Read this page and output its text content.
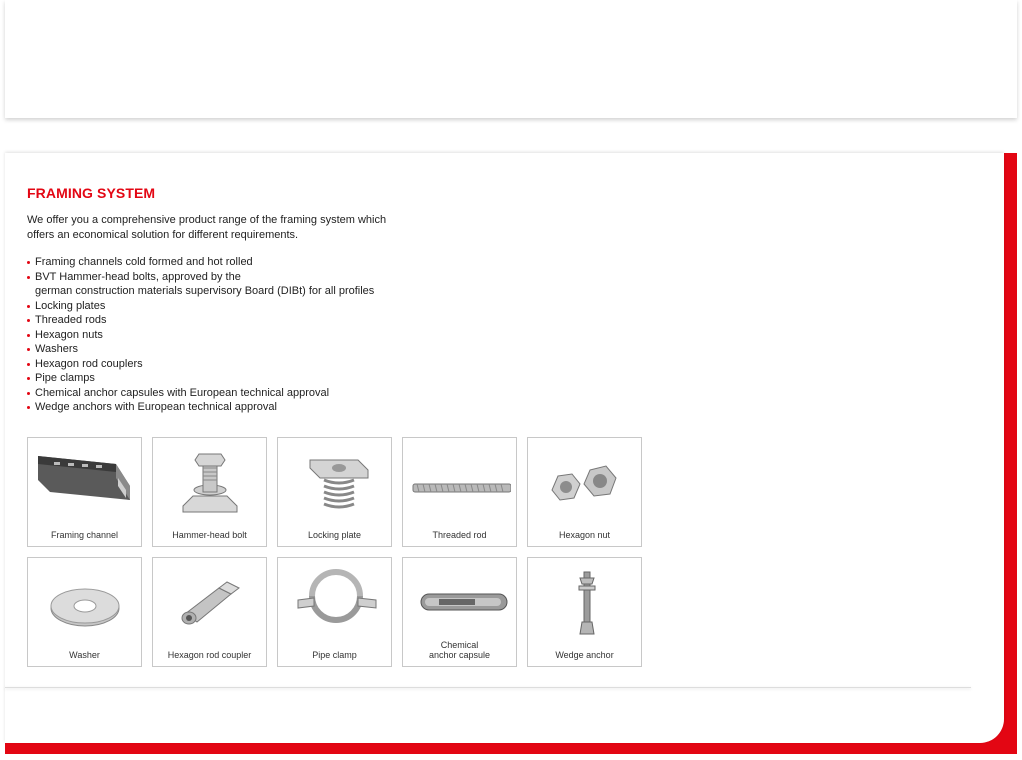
FRAMING SYSTEM

We offer you a comprehensive product range of the framing system which offers an economical solution for different requirements.

Framing channels cold formed and hot rolled
BVT Hammer-head bolts, approved by the
german construction materials supervisory Board (DIBt) for all profiles
Locking plates
Threaded rods
Hexagon nuts
Washers
Hexagon rod couplers
Pipe clamps
Chemical anchor capsules with European technical approval
Wedge anchors with European technical approval
Framing channel	Hammer-head bolt	Locking plate	Threaded rod	Hexagon nut
Washer	Hexagon rod coupler	Pipe clamp
Chemical
anchor capsule	Wedge anchor
